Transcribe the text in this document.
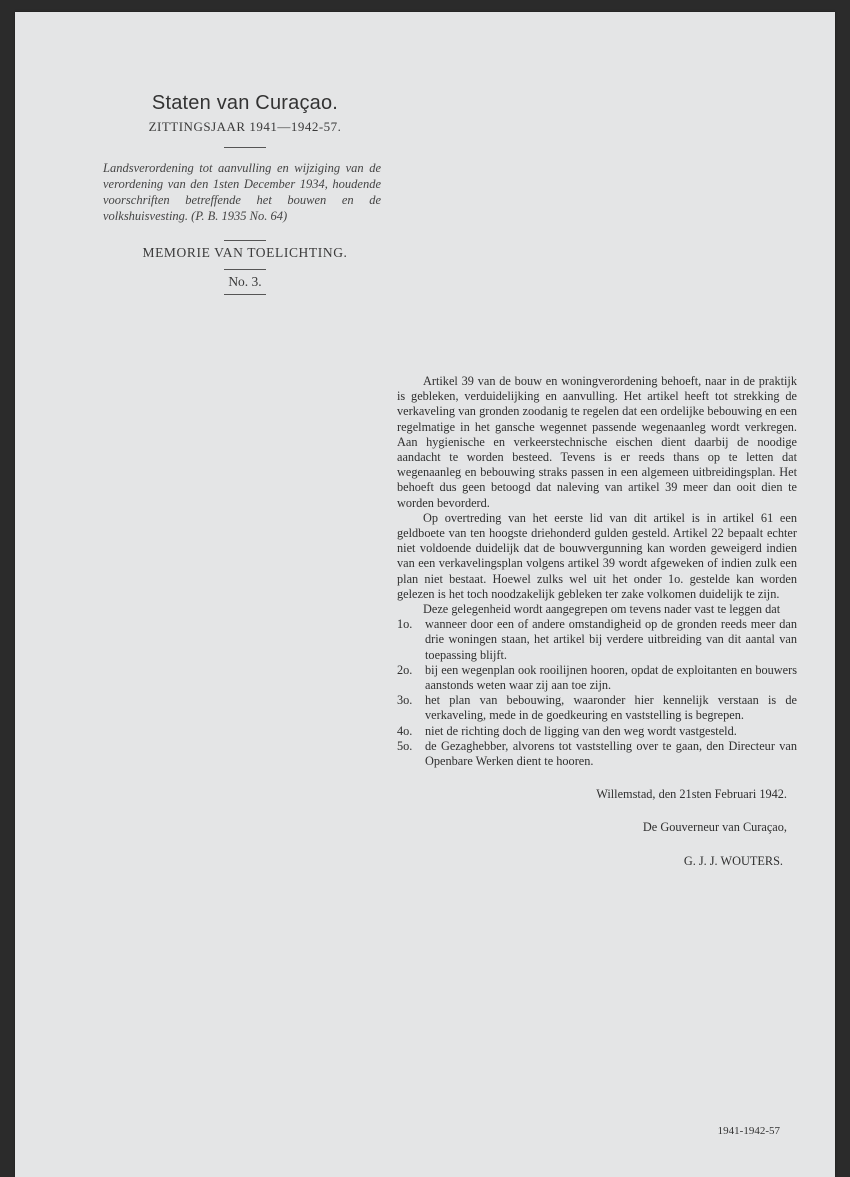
Staten van Curaçao.

ZITTINGSJAAR 1941—1942-57.

Landsverordening tot aanvulling en wijziging van de verordening van den 1sten December 1934, houdende voorschriften betreffende het bouwen en de volkshuisvesting. (P. B. 1935 No. 64)

MEMORIE VAN TOELICHTING.

No. 3.

Artikel 39 van de bouw en woningverordening behoeft, naar in de praktijk is gebleken, verduidelijking en aanvulling. Het artikel heeft tot strekking de verkaveling van gronden zoodanig te regelen dat een ordelijke bebouwing en een regelmatige in het gansche wegennet passende wegenaanleg wordt verkregen. Aan hygienische en verkeerstechnische eischen dient daarbij de noodige aandacht te worden besteed. Tevens is er reeds thans op te letten dat wegenaanleg en bebouwing straks passen in een algemeen uitbreidingsplan. Het behoeft dus geen betoogd dat naleving van artikel 39 meer dan ooit dien te worden bevorderd.

Op overtreding van het eerste lid van dit artikel is in artikel 61 een geldboete van ten hoogste driehonderd gulden gesteld. Artikel 22 bepaalt echter niet voldoende duidelijk dat de bouwvergunning kan worden geweigerd indien van een verkavelingsplan volgens artikel 39 wordt afgeweken of indien zulk een plan niet bestaat. Hoewel zulks wel uit het onder 1o. gestelde kan worden gelezen is het toch noodzakelijk gebleken ter zake volkomen duidelijk te zijn.

Deze gelegenheid wordt aangegrepen om tevens nader vast te leggen dat

1o.	wanneer door een of andere omstandigheid op de gronden reeds meer dan drie woningen staan, het artikel bij verdere uitbreiding van dit aantal van toepassing blijft.
2o.	bij een wegenplan ook rooilijnen hooren, opdat de exploitanten en bouwers aanstonds weten waar zij aan toe zijn.
3o.	het plan van bebouwing, waaronder hier kennelijk verstaan is de verkaveling, mede in de goedkeuring en vaststelling is begrepen.
4o.	niet de richting doch de ligging van den weg wordt vastgesteld.
5o.	de Gezaghebber, alvorens tot vaststelling over te gaan, den Directeur van Openbare Werken dient te hooren.

Willemstad, den 21sten Februari 1942.

De Gouverneur van Curaçao,

G. J. J. WOUTERS.

1941-1942-57
